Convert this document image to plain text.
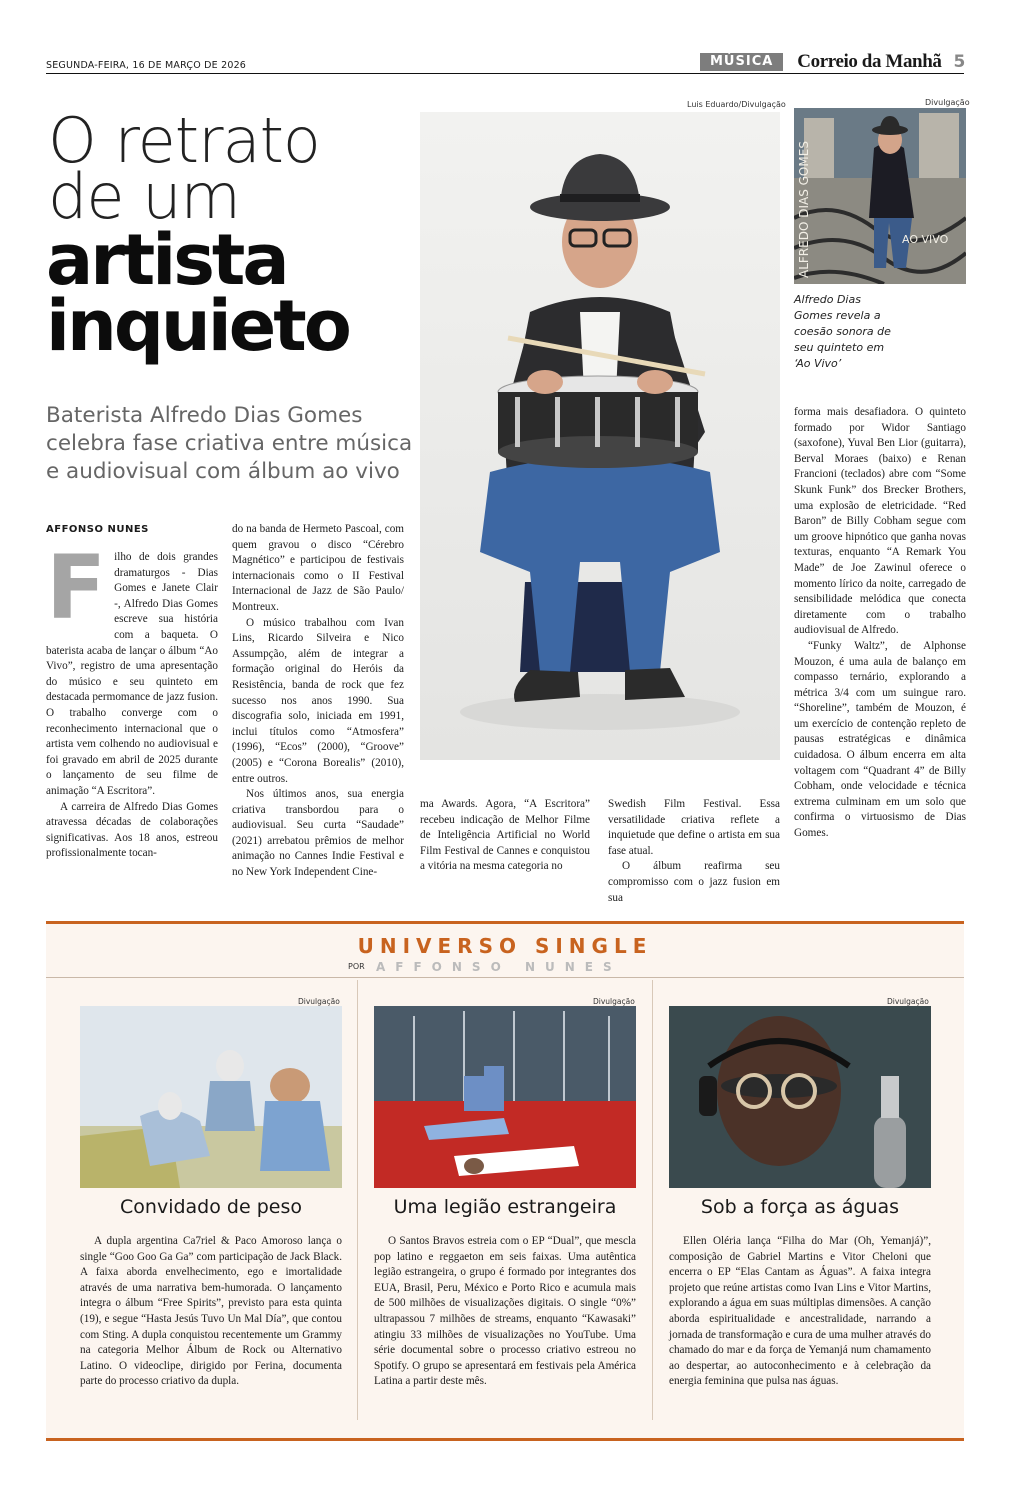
SEGUNDA-FEIRA, 16 DE MARÇO DE 2026	MÚSICA	Correio da Manhã 5
O retrato
de um
artista
inquieto
Baterista Alfredo Dias Gomes celebra fase criativa entre música e audiovisual com álbum ao vivo
Luis Eduardo/Divulgação	Divulgação
ALFREDO DIAS GOMES	AO VIVO
Alfredo Dias Gomes revela a coesão sonora de seu quinteto em ‘Ao Vivo’
AFFONSO NUNES
F ilho de dois grandes dramaturgos - Dias Gomes e Janete Clair -, Alfredo Dias Gomes escreve sua história com a baqueta. O baterista acaba de lançar o álbum “Ao Vivo”, registro de uma apresentação do músico e seu quinteto em destacada permomance de jazz fusion. O trabalho converge com o reconhecimento internacional que o artista vem colhendo no audiovisual e foi gravado em abril de 2025 durante o lançamento de seu filme de animação “A Escritora”.

A carreira de Alfredo Dias Gomes atravessa décadas de colaborações significativas. Aos 18 anos, estreou profissionalmente tocan-

do na banda de Hermeto Pascoal, com quem gravou o disco “Cérebro Magnético” e participou de festivais internacionais como o II Festival Internacional de Jazz de São Paulo/ Montreux.

O músico trabalhou com Ivan Lins, Ricardo Silveira e Nico Assumpção, além de integrar a formação original do Heróis da Resistência, banda de rock que fez sucesso nos anos 1990. Sua discografia solo, iniciada em 1991, inclui títulos como “Atmosfera” (1996), “Ecos” (2000), “Groove” (2005) e “Corona Borealis” (2010), entre outros.

Nos últimos anos, sua energia criativa transbordou para o audiovisual. Seu curta “Saudade” (2021) arrebatou prêmios de melhor animação no Cannes Indie Festival e no New York Independent Cine-

ma Awards. Agora, “A Escritora” recebeu indicação de Melhor Filme de Inteligência Artificial no World Film Festival de Cannes e conquistou a vitória na mesma categoria no

Swedish Film Festival. Essa versatilidade criativa reflete a inquietude que define o artista em sua fase atual.

O álbum reafirma seu compromisso com o jazz fusion em sua

forma mais desafiadora. O quinteto formado por Widor Santiago (saxofone), Yuval Ben Lior (guitarra), Berval Moraes (baixo) e Renan Francioni (teclados) abre com “Some Skunk Funk” dos Brecker Brothers, uma explosão de eletricidade. “Red Baron” de Billy Cobham segue com um groove hipnótico que ganha novas texturas, enquanto “A Remark You Made” de Joe Zawinul oferece o momento lírico da noite, carregado de sensibilidade melódica que conecta diretamente com o trabalho audiovisual de Alfredo.

“Funky Waltz”, de Alphonse Mouzon, é uma aula de balanço em compasso ternário, explorando a métrica 3/4 com um suingue raro. “Shoreline”, também de Mouzon, é um exercício de contenção repleto de pausas estratégicas e dinâmica cuidadosa. O álbum encerra em alta voltagem com “Quadrant 4” de Billy Cobham, onde velocidade e técnica extrema culminam em um solo que confirma o virtuosismo de Dias Gomes.

UNIVERSO SINGLE
POR AFFONSO NUNES
Divulgação
Convidado de peso
A dupla argentina Ca7riel & Paco Amoroso lança o single “Goo Goo Ga Ga” com participação de Jack Black. A faixa aborda envelhecimento, ego e imortalidade através de uma narrativa bem-humorada. O lançamento integra o álbum “Free Spirits”, previsto para esta quinta (19), e segue “Hasta Jesús Tuvo Un Mal Día”, que contou com Sting. A dupla conquistou recentemente um Grammy na categoria Melhor Álbum de Rock ou Alternativo Latino. O videoclipe, dirigido por Ferina, documenta parte do processo criativo da dupla.
Divulgação
Uma legião estrangeira
O Santos Bravos estreia com o EP “Dual”, que mescla pop latino e reggaeton em seis faixas. Uma autêntica legião estrangeira, o grupo é formado por integrantes dos EUA, Brasil, Peru, México e Porto Rico e acumula mais de 500 milhões de visualizações digitais. O single “0%” ultrapassou 7 milhões de streams, enquanto “Kawasaki” atingiu 33 milhões de visualizações no YouTube. Uma série documental sobre o processo criativo estreou no Spotify. O grupo se apresentará em festivais pela América Latina a partir deste mês.
Divulgação
Sob a força as águas
Ellen Oléria lança “Filha do Mar (Oh, Yemanjá)”, composição de Gabriel Martins e Vitor Cheloni que encerra o EP “Elas Cantam as Águas”. A faixa integra projeto que reúne artistas como Ivan Lins e Vitor Martins, explorando a água em suas múltiplas dimensões. A canção aborda espiritualidade e ancestralidade, narrando a jornada de transformação e cura de uma mulher através do chamado do mar e da força de Yemanjá num chamamento ao despertar, ao autoconhecimento e à celebração da energia feminina que pulsa nas águas.
